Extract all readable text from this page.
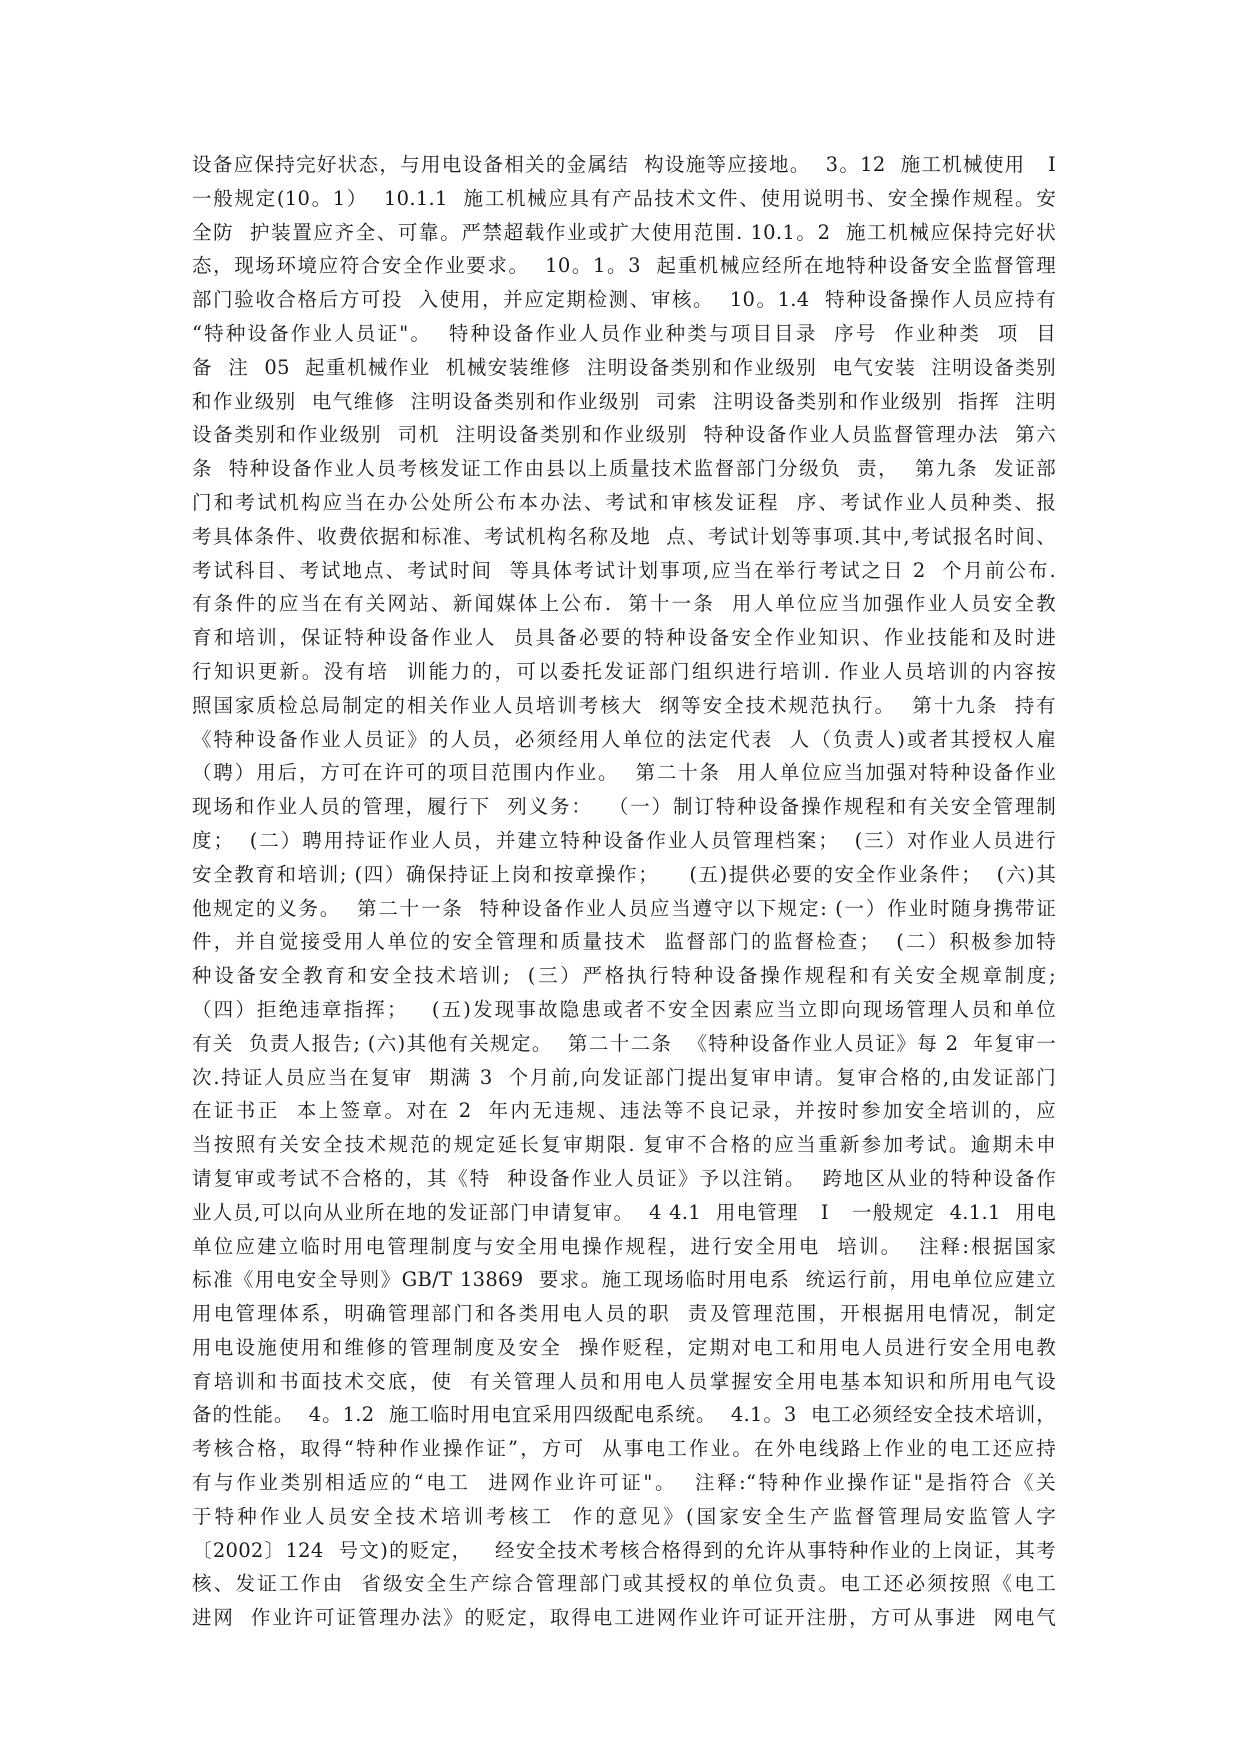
设备应保持完好状态，与用电设备相关的金属结  构设施等应接地。  3。12  施工机械使用   Ⅰ
一般规定(10。1）  10.1.1  施工机械应具有产品技术文件、使用说明书、安全操作规程。安
全防  护装置应齐全、可靠。严禁超载作业或扩大使用范围. 10.1。2  施工机械应保持完好状
态，现场环境应符合安全作业要求。  10。1。3  起重机械应经所在地特种设备安全监督管理
部门验收合格后方可投  入使用，并应定期检测、审核。  10。1.4  特种设备操作人员应持有
“特种设备作业人员证"。  特种设备作业人员作业种类与项目目录  序号  作业种类  项  目
备  注  05  起重机械作业  机械安装维修  注明设备类别和作业级别  电气安装  注明设备类别
和作业级别  电气维修  注明设备类别和作业级别  司索  注明设备类别和作业级别  指挥  注明
设备类别和作业级别  司机  注明设备类别和作业级别  特种设备作业人员监督管理办法  第六
条  特种设备作业人员考核发证工作由县以上质量技术监督部门分级负  责，  第九条  发证部
门和考试机构应当在办公处所公布本办法、考试和审核发证程  序、考试作业人员种类、报
考具体条件、收费依据和标准、考试机构名称及地  点、考试计划等事项.其中,考试报名时间、
考试科目、考试地点、考试时间  等具体考试计划事项,应当在举行考试之日 2  个月前公布.
有条件的应当在有关网站、新闻媒体上公布.  第十一条  用人单位应当加强作业人员安全教
育和培训，保证特种设备作业人  员具备必要的特种设备安全作业知识、作业技能和及时进
行知识更新。没有培  训能力的，可以委托发证部门组织进行培训. 作业人员培训的内容按
照国家质检总局制定的相关作业人员培训考核大  纲等安全技术规范执行。  第十九条  持有
《特种设备作业人员证》的人员，必须经用人单位的法定代表  人（负责人)或者其授权人雇
（聘）用后，方可在许可的项目范围内作业。  第二十条  用人单位应当加强对特种设备作业
现场和作业人员的管理，履行下  列义务：  （一）制订特种设备操作规程和有关安全管理制
度；  (二）聘用持证作业人员，并建立特种设备作业人员管理档案；  (三）对作业人员进行
安全教育和培训; (四）确保持证上岗和按章操作；    (五)提供必要的安全作业条件；  (六)其
他规定的义务。  第二十一条  特种设备作业人员应当遵守以下规定: (一）作业时随身携带证
件，并自觉接受用人单位的安全管理和质量技术  监督部门的监督检查；  (二）积极参加特
种设备安全教育和安全技术培训;  (三）严格执行特种设备操作规程和有关安全规章制度;
（四）拒绝违章指挥；   (五)发现事故隐患或者不安全因素应当立即向现场管理人员和单位
有关  负责人报告; (六)其他有关规定。  第二十二条  《特种设备作业人员证》每 2  年复审一
次.持证人员应当在复审  期满 3  个月前,向发证部门提出复审申请。复审合格的,由发证部门
在证书正  本上签章。对在 2  年内无违规、违法等不良记录，并按时参加安全培训的，应
当按照有关安全技术规范的规定延长复审期限. 复审不合格的应当重新参加考试。逾期未申
请复审或考试不合格的，其《特  种设备作业人员证》予以注销。  跨地区从业的特种设备作
业人员,可以向从业所在地的发证部门申请复审。  4 4.1  用电管理   Ⅰ   一般规定  4.1.1  用电
单位应建立临时用电管理制度与安全用电操作规程，进行安全用电  培训。  注释:根据国家
标准《用电安全导则》GB/T 13869  要求。施工现场临时用电系  统运行前，用电单位应建立
用电管理体系，明确管理部门和各类用电人员的职  责及管理范围，开根据用电情况，制定
用电设施使用和维修的管理制度及安全  操作贬程，定期对电工和用电人员进行安全用电教
育培训和书面技术交底，使  有关管理人员和用电人员掌握安全用电基本知识和所用电气设
备的性能。  4。1.2  施工临时用电宜采用四级配电系统。  4.1。3  电工必须经安全技术培训，
考核合格，取得“特种作业操作证”，方可  从事电工作业。在外电线路上作业的电工还应持
有与作业类别相适应的“电工  进网作业许可证"。  注释:“特种作业操作证"是指符合《关
于特种作业人员安全技术培训考核工  作的意见》(国家安全生产监督管理局安监管人字
〔2002〕124  号文)的贬定，   经安全技术考核合格得到的允许从事特种作业的上岗证，其考
核、发证工作由  省级安全生产综合管理部门或其授权的单位负责。电工还必须按照《电工
进网  作业许可证管理办法》的贬定，取得电工进网作业许可证开注册，方可从事进  网电气
